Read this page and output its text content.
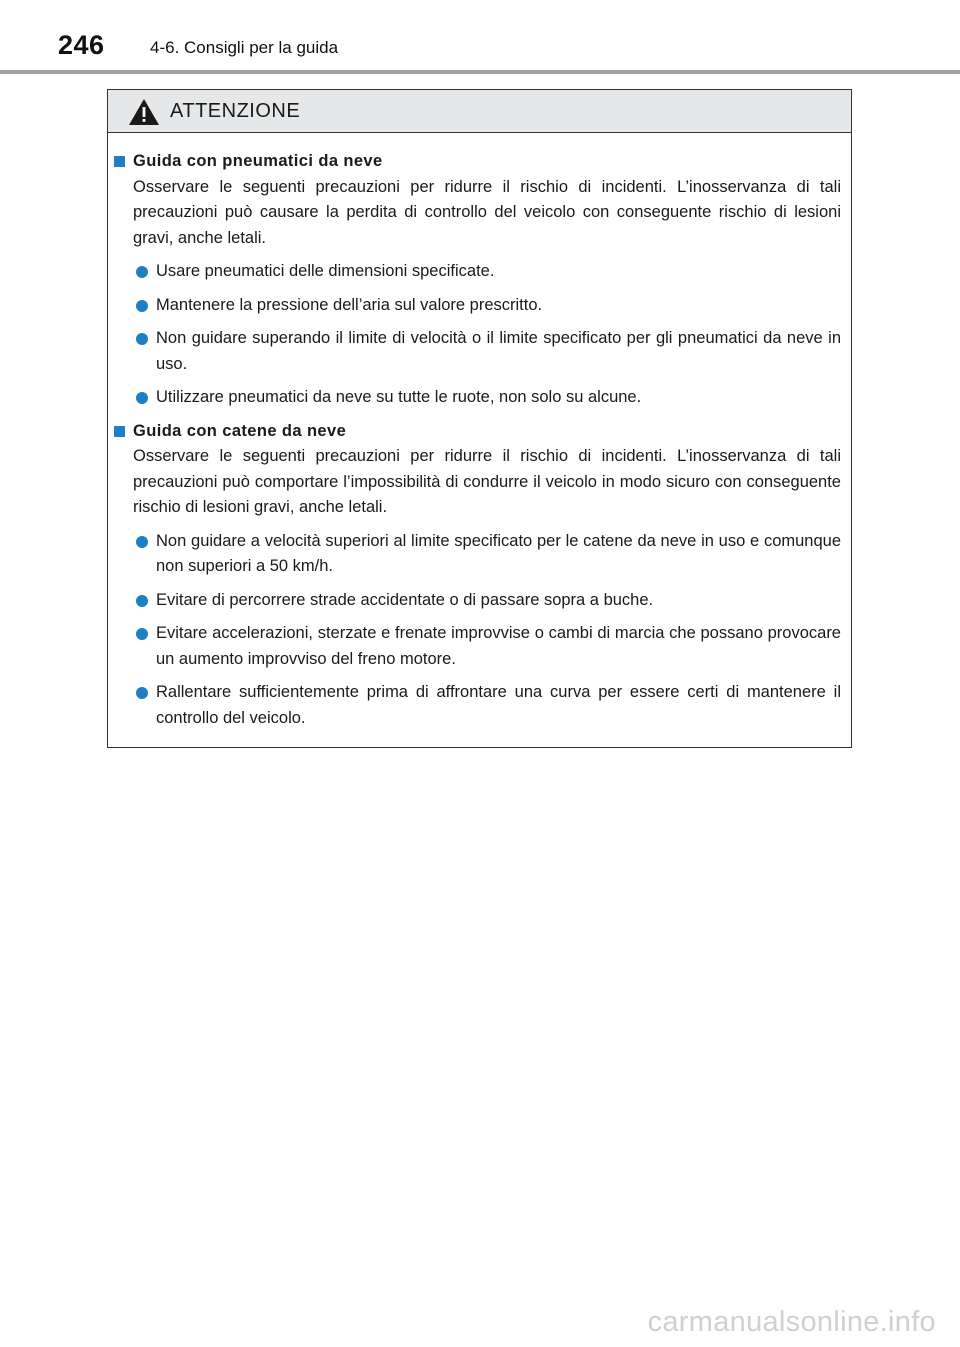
246	4-6. Consigli per la guida
ATTENZIONE
Guida con pneumatici da neve
Osservare le seguenti precauzioni per ridurre il rischio di incidenti. L’inosservanza di tali precauzioni può causare la perdita di controllo del veicolo con conseguente rischio di lesioni gravi, anche letali.
Usare pneumatici delle dimensioni specificate.
Mantenere la pressione dell’aria sul valore prescritto.
Non guidare superando il limite di velocità o il limite specificato per gli pneumatici da neve in uso.
Utilizzare pneumatici da neve su tutte le ruote, non solo su alcune.
Guida con catene da neve
Osservare le seguenti precauzioni per ridurre il rischio di incidenti. L’inosservanza di tali precauzioni può comportare l’impossibilità di condurre il veicolo in modo sicuro con conseguente rischio di lesioni gravi, anche letali.
Non guidare a velocità superiori al limite specificato per le catene da neve in uso e comunque non superiori a 50 km/h.
Evitare di percorrere strade accidentate o di passare sopra a buche.
Evitare accelerazioni, sterzate e frenate improvvise o cambi di marcia che possano provocare un aumento improvviso del freno motore.
Rallentare sufficientemente prima di affrontare una curva per essere certi di mantenere il controllo del veicolo.
carmanualsonline.info
